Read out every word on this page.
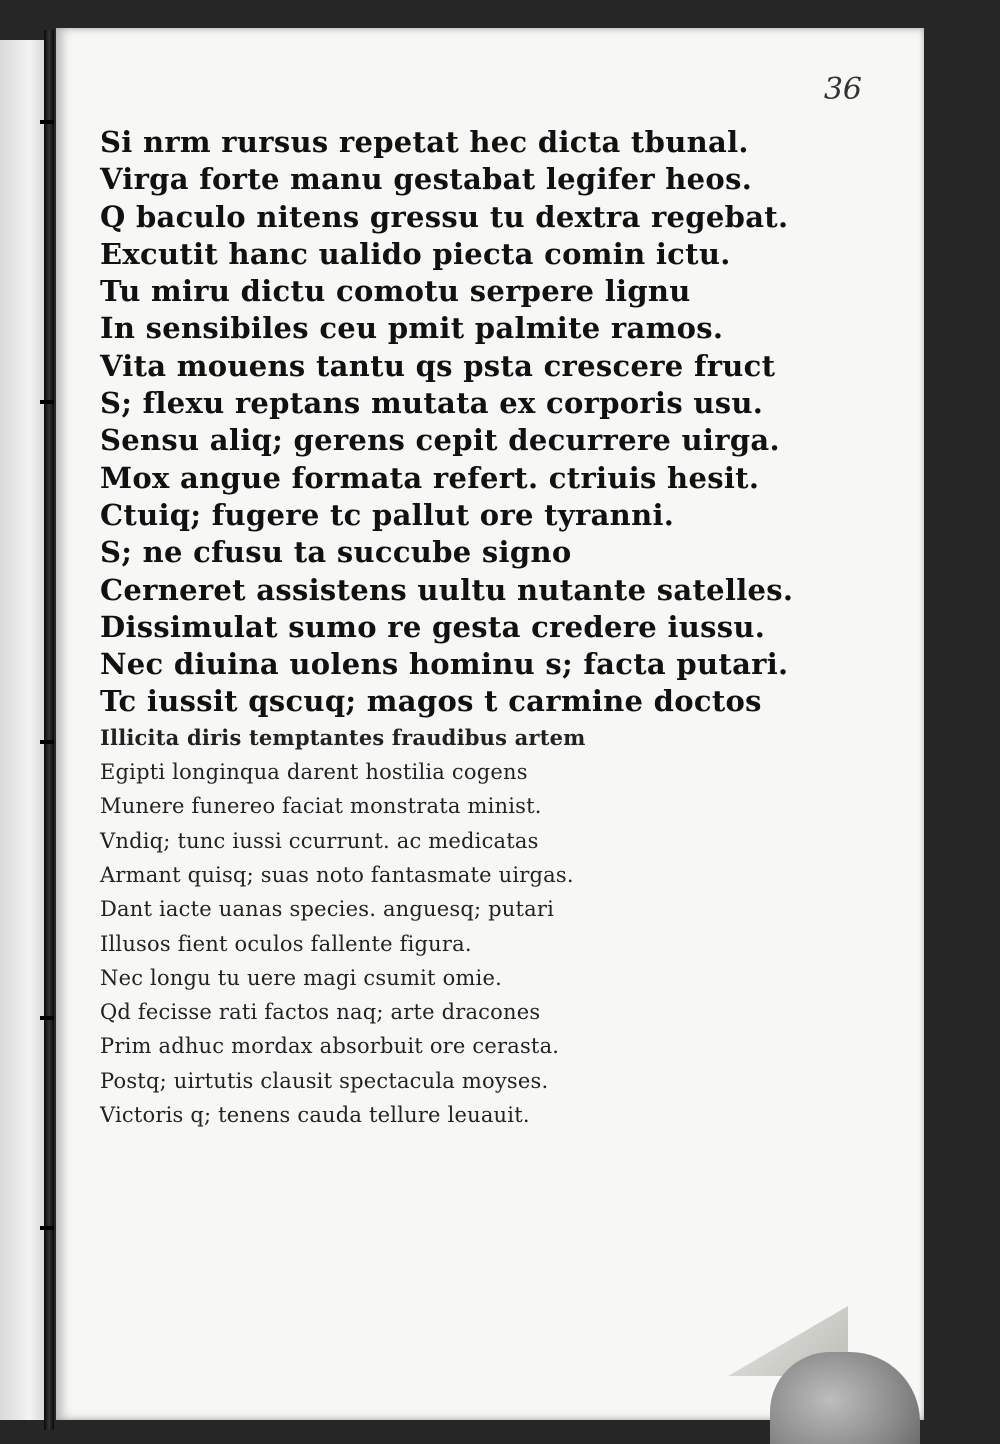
36

Si nrm rursus repetat hec dicta tbunal.

Virga forte manu gestabat legifer heos.

Q baculo nitens gressu tu dextra regebat.

Excutit hanc ualido piecta comin ictu.

Tu miru dictu comotu serpere lignu

In sensibiles ceu pmit palmite ramos.

Vita mouens tantu qs psta crescere fruct

S; flexu reptans mutata ex corporis usu.

Sensu aliq; gerens cepit decurrere uirga.

Mox angue formata refert. ctriuis hesit.

Ctuiq; fugere tc pallut ore tyranni.

S; ne cfusu ta succube signo

Cerneret assistens uultu nutante satelles.

Dissimulat sumo re gesta credere iussu.

Nec diuina uolens hominu s; facta putari.

Tc iussit qscuq; magos t carmine doctos

Illicita diris temptantes fraudibus artem

Egipti longinqua darent hostilia cogens

Munere funereo faciat monstrata minist.

Vndiq; tunc iussi ccurrunt. ac medicatas

Armant quisq; suas noto fantasmate uirgas.

Dant iacte uanas species. anguesq; putari

Illusos fient oculos fallente figura.

Nec longu tu uere magi csumit omie.

Qd fecisse rati factos naq; arte dracones

Prim adhuc mordax absorbuit ore cerasta.

Postq; uirtutis clausit spectacula moyses.

Victoris q; tenens cauda tellure leuauit.
